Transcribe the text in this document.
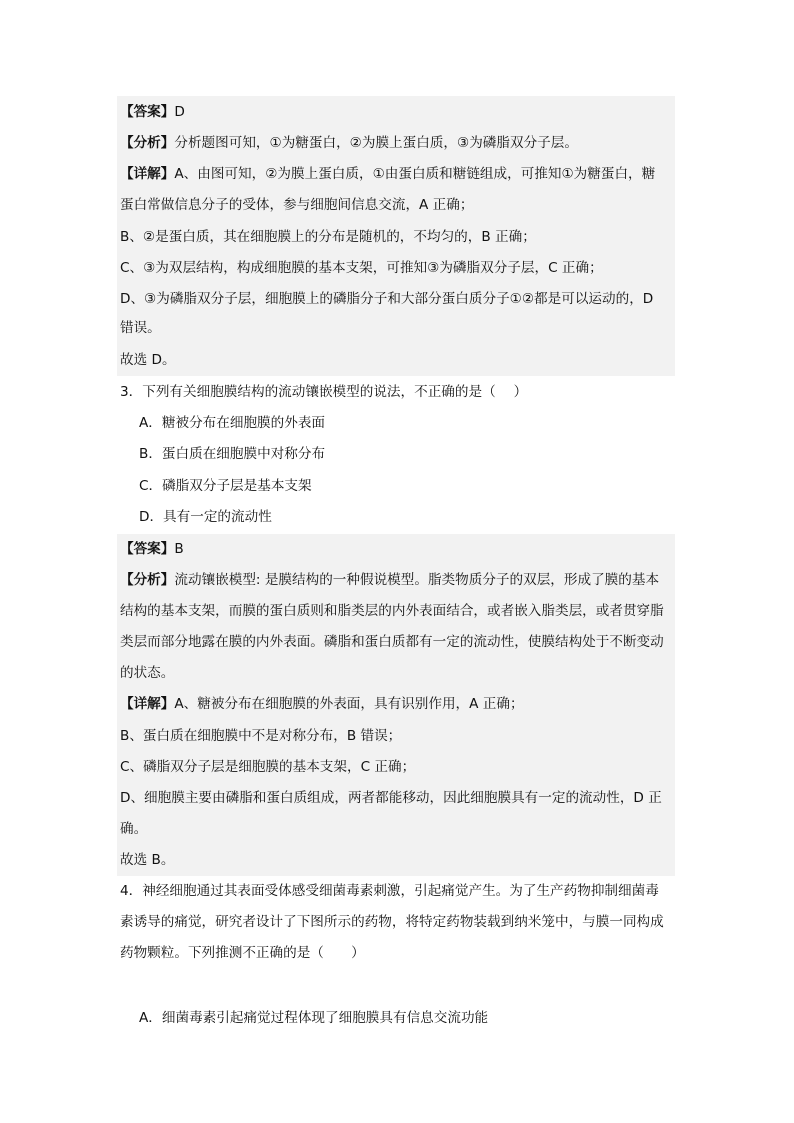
【答案】D
【分析】分析题图可知，①为糖蛋白，②为膜上蛋白质，③为磷脂双分子层。
【详解】A、由图可知，②为膜上蛋白质，①由蛋白质和糖链组成，可推知①为糖蛋白，糖
蛋白常做信息分子的受体，参与细胞间信息交流，A 正确；
B、②是蛋白质，其在细胞膜上的分布是随机的，不均匀的，B 正确；
C、③为双层结构，构成细胞膜的基本支架，可推知③为磷脂双分子层，C 正确；
D、③为磷脂双分子层，细胞膜上的磷脂分子和大部分蛋白质分子①②都是可以运动的，D
错误。
故选 D。
3．下列有关细胞膜结构的流动镶嵌模型的说法，不正确的是（　 ）
A．糖被分布在细胞膜的外表面
B．蛋白质在细胞膜中对称分布
C．磷脂双分子层是基本支架
D．具有一定的流动性
【答案】B
【分析】流动镶嵌模型: 是膜结构的一种假说模型。脂类物质分子的双层，形成了膜的基本
结构的基本支架，而膜的蛋白质则和脂类层的内外表面结合，或者嵌入脂类层，或者贯穿脂
类层而部分地露在膜的内外表面。磷脂和蛋白质都有一定的流动性，使膜结构处于不断变动
的状态。
【详解】A、糖被分布在细胞膜的外表面，具有识别作用，A 正确；
B、蛋白质在细胞膜中不是对称分布，B 错误；
C、磷脂双分子层是细胞膜的基本支架，C 正确；
D、细胞膜主要由磷脂和蛋白质组成，两者都能移动，因此细胞膜具有一定的流动性，D 正
确。
故选 B。
4．神经细胞通过其表面受体感受细菌毒素刺激，引起痛觉产生。为了生产药物抑制细菌毒
素诱导的痛觉，研究者设计了下图所示的药物，将特定药物装载到纳米笼中，与膜一同构成
药物颗粒。下列推测不正确的是（　　）
A．细菌毒素引起痛觉过程体现了细胞膜具有信息交流功能
